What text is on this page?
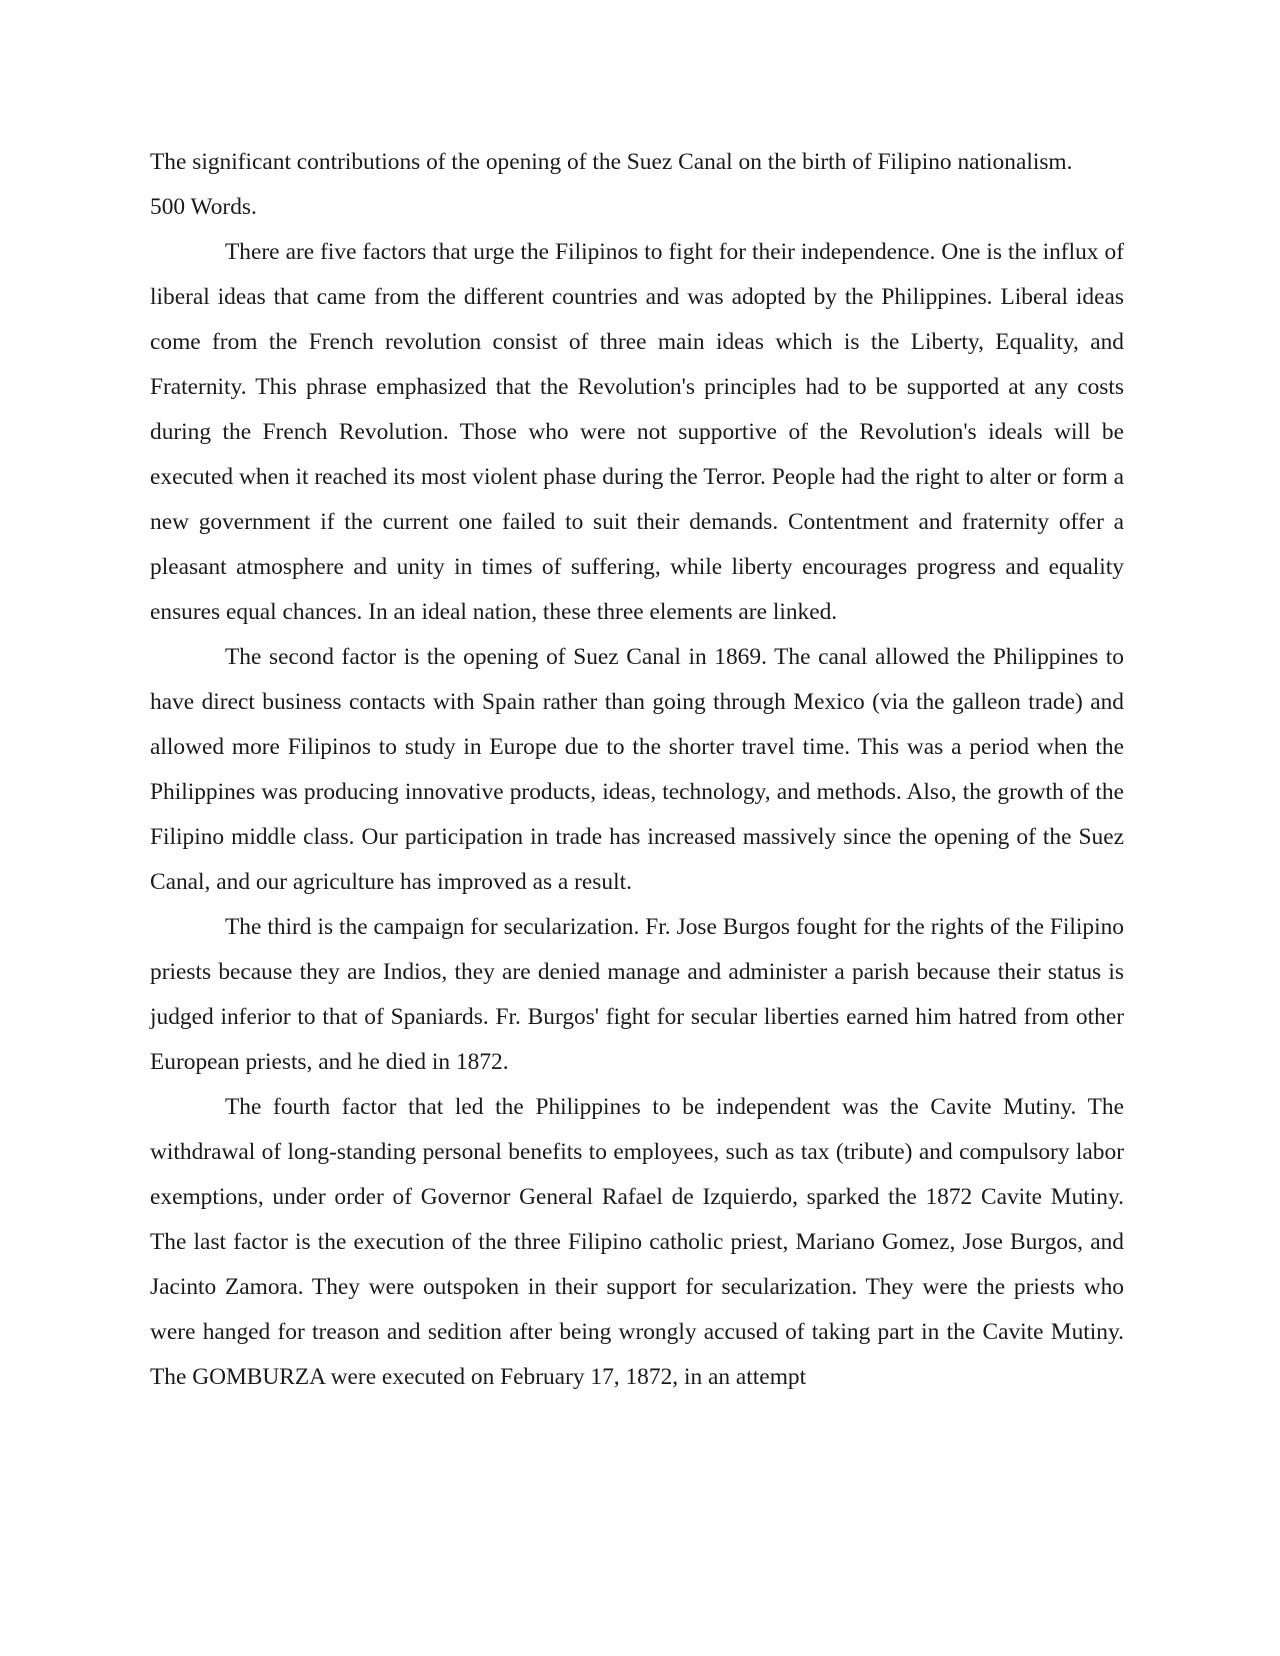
The significant contributions of the opening of the Suez Canal on the birth of Filipino nationalism.

500 Words.

There are five factors that urge the Filipinos to fight for their independence. One is the influx of liberal ideas that came from the different countries and was adopted by the Philippines. Liberal ideas come from the French revolution consist of three main ideas which is the Liberty, Equality, and Fraternity. This phrase emphasized that the Revolution's principles had to be supported at any costs during the French Revolution. Those who were not supportive of the Revolution's ideals will be executed when it reached its most violent phase during the Terror. People had the right to alter or form a new government if the current one failed to suit their demands. Contentment and fraternity offer a pleasant atmosphere and unity in times of suffering, while liberty encourages progress and equality ensures equal chances. In an ideal nation, these three elements are linked.

The second factor is the opening of Suez Canal in 1869. The canal allowed the Philippines to have direct business contacts with Spain rather than going through Mexico (via the galleon trade) and allowed more Filipinos to study in Europe due to the shorter travel time. This was a period when the Philippines was producing innovative products, ideas, technology, and methods. Also, the growth of the Filipino middle class. Our participation in trade has increased massively since the opening of the Suez Canal, and our agriculture has improved as a result.

The third is the campaign for secularization. Fr. Jose Burgos fought for the rights of the Filipino priests because they are Indios, they are denied manage and administer a parish because their status is judged inferior to that of Spaniards. Fr. Burgos' fight for secular liberties earned him hatred from other European priests, and he died in 1872.

The fourth factor that led the Philippines to be independent was the Cavite Mutiny. The withdrawal of long-standing personal benefits to employees, such as tax (tribute) and compulsory labor exemptions, under order of Governor General Rafael de Izquierdo, sparked the 1872 Cavite Mutiny. The last factor is the execution of the three Filipino catholic priest, Mariano Gomez, Jose Burgos, and Jacinto Zamora. They were outspoken in their support for secularization. They were the priests who were hanged for treason and sedition after being wrongly accused of taking part in the Cavite Mutiny. The GOMBURZA were executed on February 17, 1872, in an attempt
